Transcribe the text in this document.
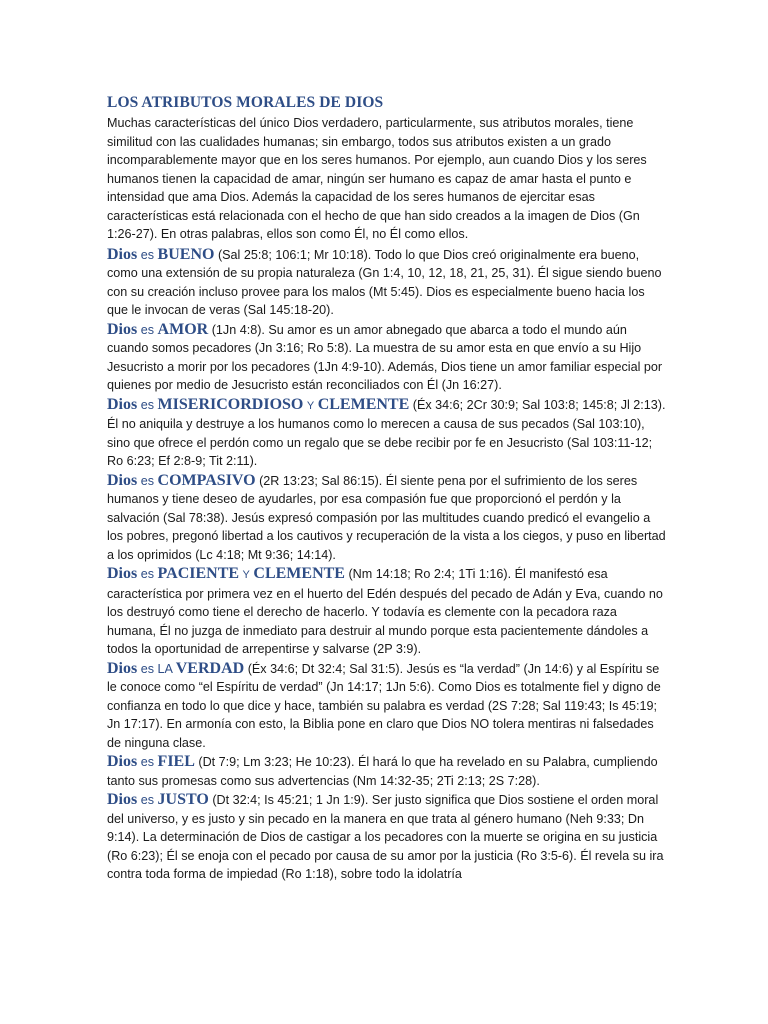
LOS ATRIBUTOS MORALES DE DIOS

Muchas características del único Dios verdadero, particularmente, sus atributos morales, tiene similitud con las cualidades humanas; sin embargo, todos sus atributos existen a un grado incomparablemente mayor que en los seres humanos. Por ejemplo, aun cuando Dios y los seres humanos tienen la capacidad de amar, ningún ser humano es capaz de amar hasta el punto e intensidad que ama Dios. Además la capacidad de los seres humanos de ejercitar esas características está relacionada con el hecho de que han sido creados a la imagen de Dios (Gn 1:26-27). En otras palabras, ellos son como Él, no Él como ellos.

Dios es BUENO (Sal 25:8; 106:1; Mr 10:18). Todo lo que Dios creó originalmente era bueno, como una extensión de su propia naturaleza (Gn 1:4, 10, 12, 18, 21, 25, 31). Él sigue siendo bueno con su creación incluso provee para los malos (Mt 5:45). Dios es especialmente bueno hacia los que le invocan de veras (Sal 145:18-20).

Dios es AMOR (1Jn 4:8). Su amor es un amor abnegado que abarca a todo el mundo aún cuando somos pecadores (Jn 3:16; Ro 5:8). La muestra de su amor esta en que envío a su Hijo Jesucristo a morir por los pecadores (1Jn 4:9-10). Además, Dios tiene un amor familiar especial por quienes por medio de Jesucristo están reconciliados con Él (Jn 16:27).

Dios es MISERICORDIOSO Y CLEMENTE (Éx 34:6; 2Cr 30:9; Sal 103:8; 145:8; Jl 2:13). Él no aniquila y destruye a los humanos como lo merecen a causa de sus pecados (Sal 103:10), sino que ofrece el perdón como un regalo que se debe recibir por fe en Jesucristo (Sal 103:11-12; Ro 6:23; Ef 2:8-9; Tit 2:11).

Dios es COMPASIVO (2R 13:23; Sal 86:15). Él siente pena por el sufrimiento de los seres humanos y tiene deseo de ayudarles, por esa compasión fue que proporcionó el perdón y la salvación (Sal 78:38). Jesús expresó compasión por las multitudes cuando predicó el evangelio a los pobres, pregonó libertad a los cautivos y recuperación de la vista a los ciegos, y puso en libertad a los oprimidos (Lc 4:18; Mt 9:36; 14:14).

Dios es PACIENTE Y CLEMENTE (Nm 14:18; Ro 2:4; 1Ti 1:16). Él manifestó esa característica por primera vez en el huerto del Edén después del pecado de Adán y Eva, cuando no los destruyó como tiene el derecho de hacerlo. Y todavía es clemente con la pecadora raza humana, Él no juzga de inmediato para destruir al mundo porque esta pacientemente dándoles a todos la oportunidad de arrepentirse y salvarse (2P 3:9).

Dios es LA VERDAD (Éx 34:6; Dt 32:4; Sal 31:5). Jesús es “la verdad” (Jn 14:6) y al Espíritu se le conoce como “el Espíritu de verdad” (Jn 14:17; 1Jn 5:6). Como Dios es totalmente fiel y digno de confianza en todo lo que dice y hace, también su palabra es verdad (2S 7:28; Sal 119:43; Is 45:19; Jn 17:17). En armonía con esto, la Biblia pone en claro que Dios NO tolera mentiras ni falsedades de ninguna clase.

Dios es FIEL (Dt 7:9; Lm 3:23; He 10:23). Él hará lo que ha revelado en su Palabra, cumpliendo tanto sus promesas como sus advertencias (Nm 14:32-35; 2Ti 2:13; 2S 7:28).

Dios es JUSTO (Dt 32:4; Is 45:21; 1 Jn 1:9). Ser justo significa que Dios sostiene el orden moral del universo, y es justo y sin pecado en la manera en que trata al género humano (Neh 9:33; Dn 9:14). La determinación de Dios de castigar a los pecadores con la muerte se origina en su justicia (Ro 6:23); Él se enoja con el pecado por causa de su amor por la justicia (Ro 3:5-6). Él revela su ira contra toda forma de impiedad (Ro 1:18), sobre todo la idolatría
